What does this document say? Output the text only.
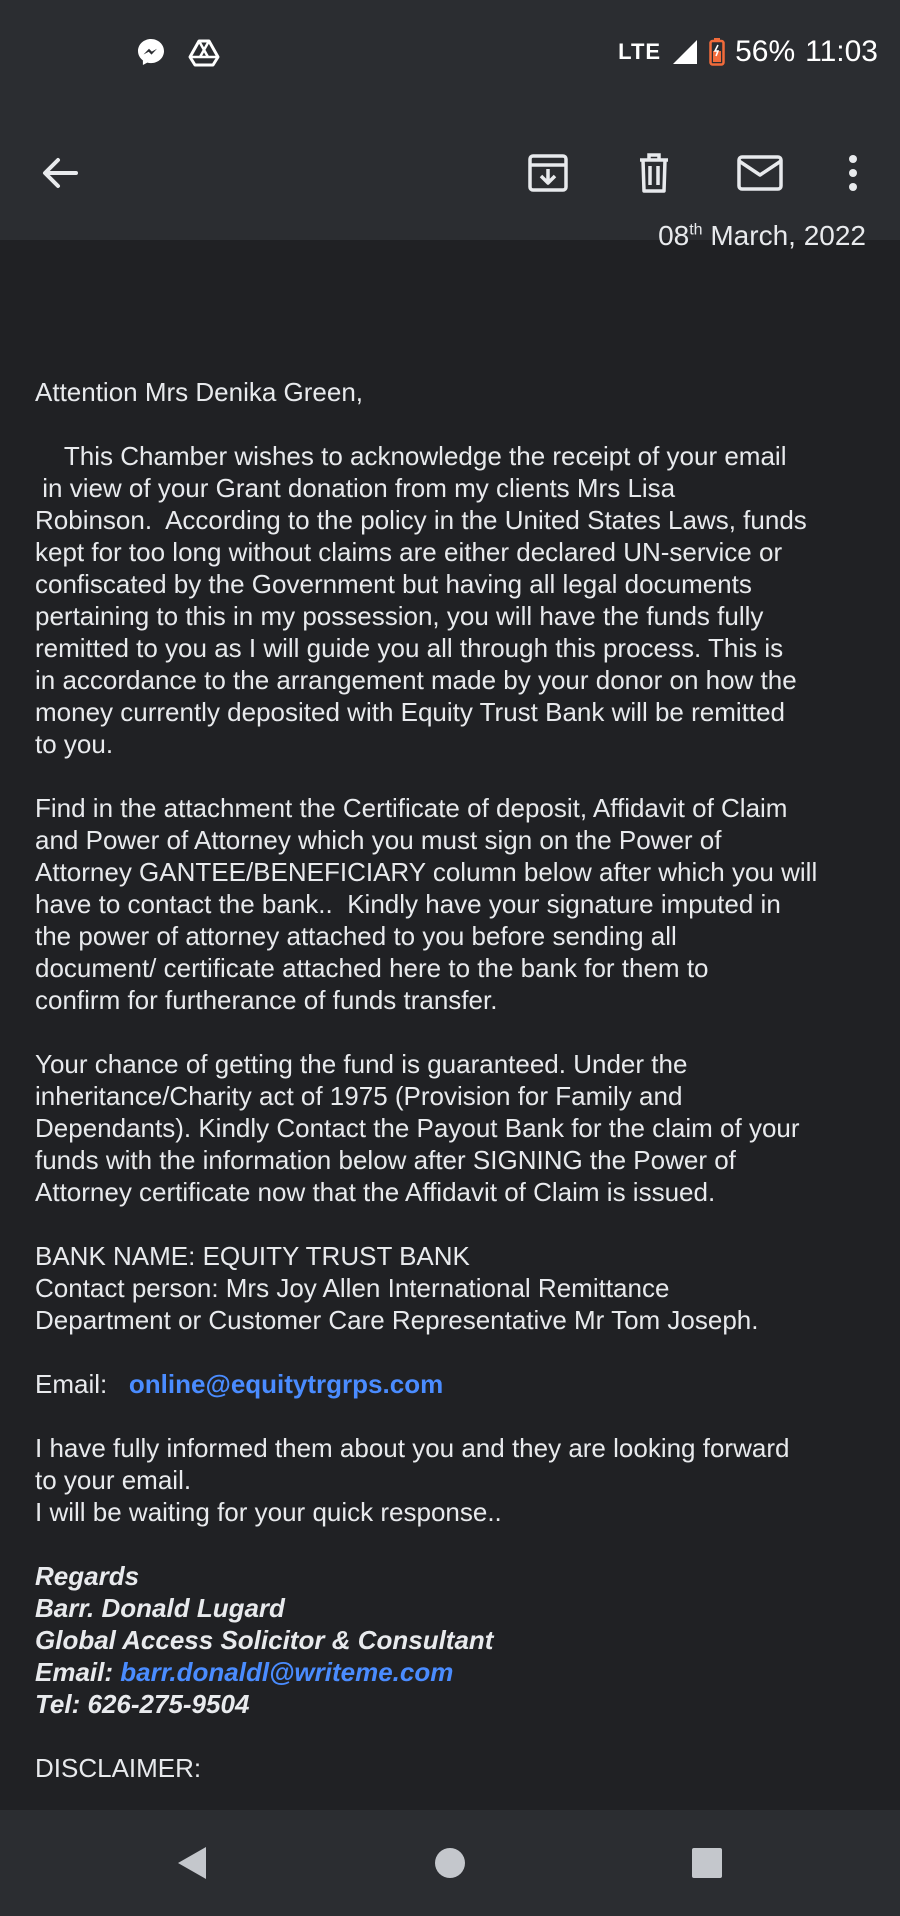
LTE 56% 11:03
08th March, 2022

Attention Mrs Denika Green,

This Chamber wishes to acknowledge the receipt of your email
in view of your Grant donation from my clients Mrs Lisa
Robinson.  According to the policy in the United States Laws, funds
kept for too long without claims are either declared UN-service or
confiscated by the Government but having all legal documents
pertaining to this in my possession, you will have the funds fully
remitted to you as I will guide you all through this process. This is
in accordance to the arrangement made by your donor on how the
money currently deposited with Equity Trust Bank will be remitted
to you.

Find in the attachment the Certificate of deposit, Affidavit of Claim
and Power of Attorney which you must sign on the Power of
Attorney GANTEE/BENEFICIARY column below after which you will
have to contact the bank..  Kindly have your signature imputed in
the power of attorney attached to you before sending all
document/ certificate attached here to the bank for them to
confirm for furtherance of funds transfer.

Your chance of getting the fund is guaranteed. Under the
inheritance/Charity act of 1975 (Provision for Family and
Dependants). Kindly Contact the Payout Bank for the claim of your
funds with the information below after SIGNING the Power of
Attorney certificate now that the Affidavit of Claim is issued.

BANK NAME: EQUITY TRUST BANK
Contact person: Mrs Joy Allen International Remittance
Department or Customer Care Representative Mr Tom Joseph.

Email:   online@equitytrgrps.com

I have fully informed them about you and they are looking forward
to your email.
I will be waiting for your quick response..

Regards
Barr. Donald Lugard
Global Access Solicitor & Consultant
Email: barr.donaldl@writeme.com
Tel: 626-275-9504

DISCLAIMER:
